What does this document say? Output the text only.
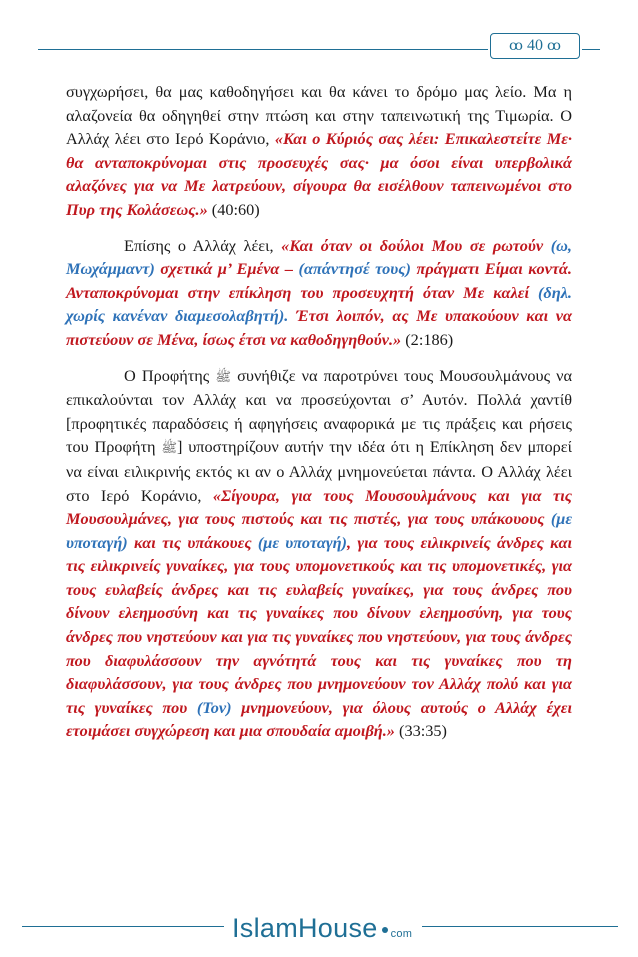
ꝏ 40 ꝏ

συγχωρήσει, θα μας καθοδηγήσει και θα κάνει το δρόμο μας λείο. Μα η αλαζονεία θα οδηγηθεί στην πτώση και στην ταπεινωτική της Τιμωρία. Ο Αλλάχ λέει στο Ιερό Κοράνιο, «Και ο Κύριός σας λέει: Επικαλεστείτε Με· θα ανταποκρύνομαι στις προσευχές σας· μα όσοι είναι υπερβολικά αλαζόνες για να Με λατρεύουν, σίγουρα θα εισέλθουν ταπεινωμένοι στο Πυρ της Κολάσεως.» (40:60)

Επίσης ο Αλλάχ λέει, «Και όταν οι δούλοι Μου σε ρωτούν (ω, Μωχάμμαντ) σχετικά μ’ Εμένα – (απάντησέ τους) πράγματι Είμαι κοντά. Ανταποκρύνομαι στην επίκληση του προσευχητή όταν Με καλεί (δηλ. χωρίς κανέναν διαμεσολαβητή). Έτσι λοιπόν, ας Με υπακούουν και να πιστεύουν σε Μένα, ίσως έτσι να καθοδηγηθούν.» (2:186)

Ο Προφήτης ﷺ συνήθιζε να παροτρύνει τους Μουσουλμάνους να επικαλούνται τον Αλλάχ και να προσεύχονται σ’ Αυτόν. Πολλά χαντίθ [προφητικές παραδόσεις ή αφηγήσεις αναφορικά με τις πράξεις και ρήσεις του Προφήτη ﷺ] υποστηρίζουν αυτήν την ιδέα ότι η Επίκληση δεν μπορεί να είναι ειλικρινής εκτός κι αν ο Αλλάχ μνημονεύεται πάντα. Ο Αλλάχ λέει στο Ιερό Κοράνιο, «Σίγουρα, για τους Μουσουλμάνους και για τις Μουσουλμάνες, για τους πιστούς και τις πιστές, για τους υπάκουους (με υποταγή) και τις υπάκουες (με υποταγή), για τους ειλικρινείς άνδρες και τις ειλικρινείς γυναίκες, για τους υπομονετικούς και τις υπομονετικές, για τους ευλαβείς άνδρες και τις ευλαβείς γυναίκες, για τους άνδρες που δίνουν ελεημοσύνη και τις γυναίκες που δίνουν ελεημοσύνη, για τους άνδρες που νηστεύουν και για τις γυναίκες που νηστεύουν, για τους άνδρες που διαφυλάσσουν την αγνότητά τους και τις γυναίκες που τη διαφυλάσσουν, για τους άνδρες που μνημονεύουν τον Αλλάχ πολύ και για τις γυναίκες που (Τον) μνημονεύουν, για όλους αυτούς ο Αλλάχ έχει ετοιμάσει συγχώρεση και μια σπουδαία αμοιβή.» (33:35)

IslamHouse com
